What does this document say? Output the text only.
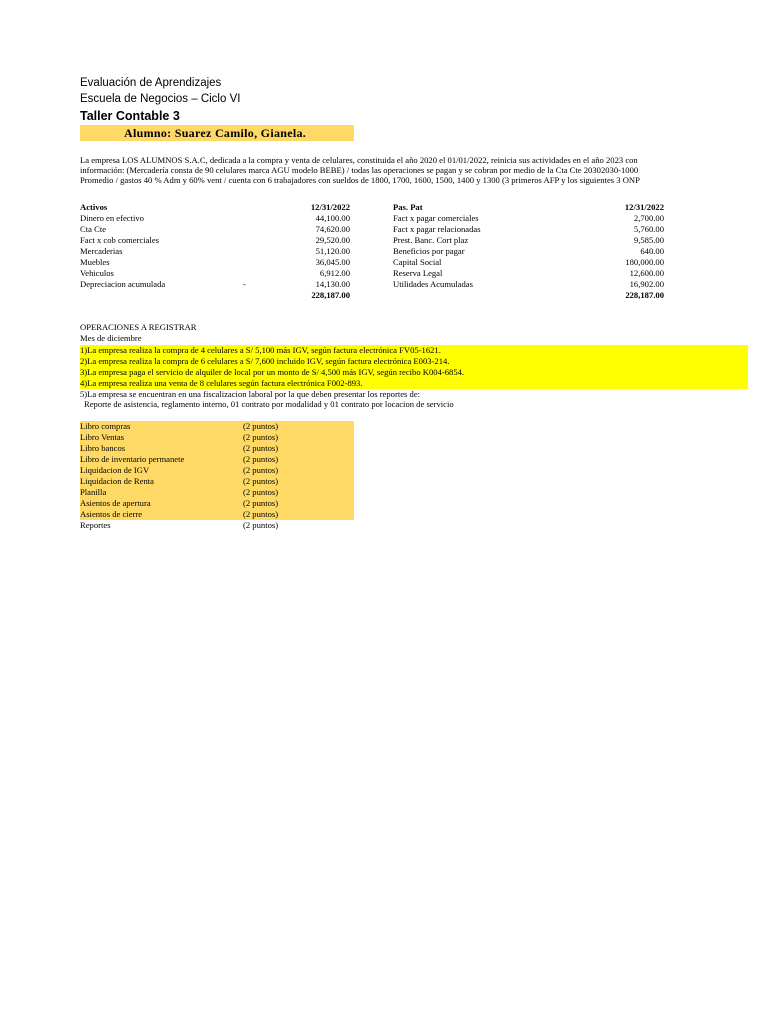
Evaluación de Aprendizajes
Escuela de Negocios – Ciclo VI
Taller Contable 3
Alumno: Suarez Camilo, Gianela.
La empresa LOS ALUMNOS S.A.C, dedicada a la compra y venta de celulares, constituida el año 2020 el 01/01/2022, reinicia sus actividades en el año 2023 con
información: (Mercadería consta de 90 celulares marca AGU modelo BEBE) / todas las operaciones se pagan y se cobran por medio de la Cta Cte 20302030-1000
Promedio / gastos 40 % Adm y 60% vent / cuenta con 6 trabajadores con sueldos de 1800, 1700, 1600, 1500, 1400 y 1300 (3 primeros AFP y los siguientes 3 ONP
Activos	12/31/2022
Dinero en efectivo	44,100.00
Cta Cte	74,620.00
Fact x cob comerciales	29,520.00
Mercaderias	51,120.00
Muebles	36,045.00
Vehiculos	6,912.00
Depreciacion acumulada	-	14,130.00
228,187.00
Pas. Pat	12/31/2022
Fact x pagar comerciales	2,700.00
Fact x pagar relacionadas	5,760.00
Prest. Banc. Cort plaz	9,585.00
Beneficios por pagar	640.00
Capital Social	180,000.00
Reserva Legal	12,600.00
Utilidades Acumuladas	16,902.00
228,187.00
OPERACIONES A REGISTRAR
Mes de diciembre
1)La empresa realiza la compra de 4 celulares a S/ 5,100 más IGV, según factura electrónica FV05-1621.
2)La empresa realiza la compra de 6 celulares a S/ 7,600 incluido IGV, según factura electrónica E003-214.
3)La empresa paga el servicio de alquiler de local por un monto de S/ 4,500 más IGV, según recibo K004-6854.
4)La empresa realiza una venta de 8 celulares según factura electrónica F002-893.
5)La empresa se encuentran en una fiscalizacion laboral por la que deben presentar los reportes de:
Reporte de asistencia, reglamento interno, 01 contrato por modalidad y 01 contrato por locacion de servicio
Libro compras	(2 puntos)
Libro Ventas	(2 puntos)
Libro bancos	(2 puntos)
Libro de inventario permanete	(2 puntos)
Liquidacion de IGV	(2 puntos)
Liquidacion de Renta	(2 puntos)
Planilla	(2 puntos)
Asientos de apertura	(2 puntos)
Asientos de cierre	(2 puntos)
Reportes	(2 puntos)
